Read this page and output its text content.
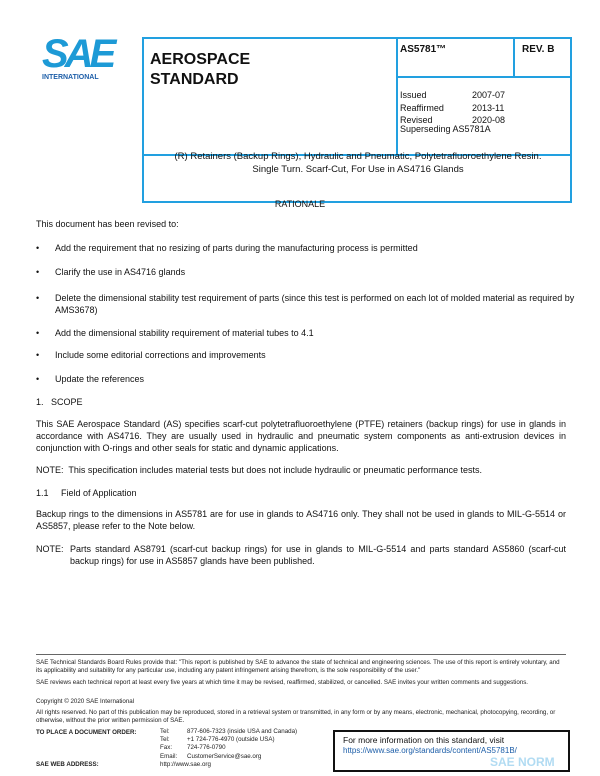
SAE
INTERNATIONAL
AEROSPACE
STANDARD
AS5781™	REV. B
Issued	2007-07
Reaffirmed	2013-11
Revised	2020-08
Superseding AS5781A
(R) Retainers (Backup Rings), Hydraulic and Pneumatic, Polytetrafluoroethylene Resin.
Single Turn. Scarf-Cut, For Use in AS4716 Glands
RATIONALE
This document has been revised to:
• Add the requirement that no resizing of parts during the manufacturing process is permitted
• Clarify the use in AS4716 glands
• Delete the dimensional stability test requirement of parts (since this test is performed on each lot of molded material as required by AMS3678)
• Add the dimensional stability requirement of material tubes to 4.1
• Include some editorial corrections and improvements
• Update the references
1.   SCOPE
This SAE Aerospace Standard (AS) specifies scarf-cut polytetrafluoroethylene (PTFE) retainers (backup rings) for use in glands in accordance with AS4716. They are usually used in hydraulic and pneumatic system components as anti-extrusion devices in conjunction with O-rings and other seals for static and dynamic applications.
NOTE:  This specification includes material tests but does not include hydraulic or pneumatic performance tests.
1.1     Field of Application
Backup rings to the dimensions in AS5781 are for use in glands to AS4716 only. They shall not be used in glands to MIL-G-5514 or AS5857, please refer to the Note below.
NOTE: Parts standard AS8791 (scarf-cut backup rings) for use in glands to MIL-G-5514 and parts standard AS5860 (scarf-cut backup rings) for use in AS5857 glands have been published.
SAE Technical Standards Board Rules provide that: "This report is published by SAE to advance the state of technical and engineering sciences. The use of this report is entirely voluntary, and its applicability and suitability for any particular use, including any patent infringement arising therefrom, is the sole responsibility of the user."
SAE reviews each technical report at least every five years at which time it may be revised, reaffirmed, stabilized, or cancelled. SAE invites your written comments and suggestions.
Copyright © 2020 SAE International
All rights reserved. No part of this publication may be reproduced, stored in a retrieval system or transmitted, in any form or by any means, electronic, mechanical, photocopying, recording, or otherwise, without the prior written permission of SAE.
TO PLACE A DOCUMENT ORDER:	Tel:	877-606-7323 (inside USA and Canada)
Tel:	+1 724-776-4970 (outside USA)
Fax:	724-776-0790
Email:	CustomerService@sae.org
SAE WEB ADDRESS:	http://www.sae.org
For more information on this standard, visit
https://www.sae.org/standards/content/AS5781B/
SAE NORM
